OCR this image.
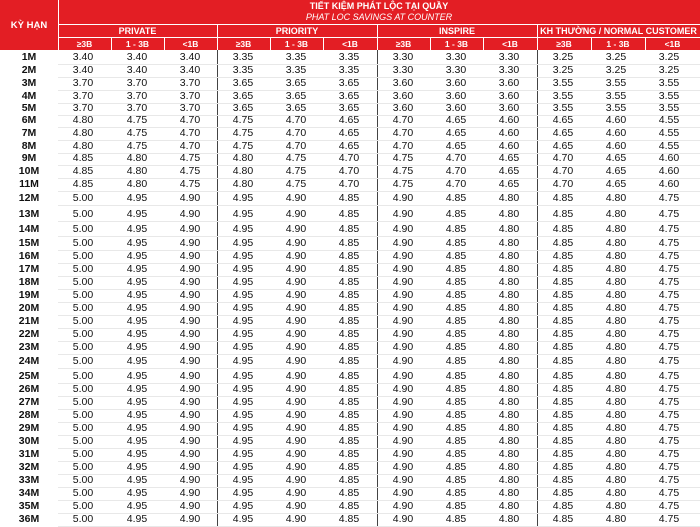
KỲ HẠN
TIẾT KIỆM PHÁT LỘC TẠI QUẦY
PHAT LOC SAVINGS AT COUNTER
PRIVATE	PRIORITY	INSPIRE	KH THƯỜNG / NORMAL CUSTOMER
≥3B	1 - 3B	<1B	≥3B	1 - 3B	<1B	≥3B	1 - 3B	<1B	≥3B	1 - 3B	<1B
1M	3.40	3.40	3.40	3.35	3.35	3.35	3.30	3.30	3.30	3.25	3.25	3.25
2M	3.40	3.40	3.40	3.35	3.35	3.35	3.30	3.30	3.30	3.25	3.25	3.25
3M	3.70	3.70	3.70	3.65	3.65	3.65	3.60	3.60	3.60	3.55	3.55	3.55
4M	3.70	3.70	3.70	3.65	3.65	3.65	3.60	3.60	3.60	3.55	3.55	3.55
5M	3.70	3.70	3.70	3.65	3.65	3.65	3.60	3.60	3.60	3.55	3.55	3.55
6M	4.80	4.75	4.70	4.75	4.70	4.65	4.70	4.65	4.60	4.65	4.60	4.55
7M	4.80	4.75	4.70	4.75	4.70	4.65	4.70	4.65	4.60	4.65	4.60	4.55
8M	4.80	4.75	4.70	4.75	4.70	4.65	4.70	4.65	4.60	4.65	4.60	4.55
9M	4.85	4.80	4.75	4.80	4.75	4.70	4.75	4.70	4.65	4.70	4.65	4.60
10M	4.85	4.80	4.75	4.80	4.75	4.70	4.75	4.70	4.65	4.70	4.65	4.60
11M	4.85	4.80	4.75	4.80	4.75	4.70	4.75	4.70	4.65	4.70	4.65	4.60
12M	5.00	4.95	4.90	4.95	4.90	4.85	4.90	4.85	4.80	4.85	4.80	4.75
13M	5.00	4.95	4.90	4.95	4.90	4.85	4.90	4.85	4.80	4.85	4.80	4.75
14M	5.00	4.95	4.90	4.95	4.90	4.85	4.90	4.85	4.80	4.85	4.80	4.75
15M	5.00	4.95	4.90	4.95	4.90	4.85	4.90	4.85	4.80	4.85	4.80	4.75
16M	5.00	4.95	4.90	4.95	4.90	4.85	4.90	4.85	4.80	4.85	4.80	4.75
17M	5.00	4.95	4.90	4.95	4.90	4.85	4.90	4.85	4.80	4.85	4.80	4.75
18M	5.00	4.95	4.90	4.95	4.90	4.85	4.90	4.85	4.80	4.85	4.80	4.75
19M	5.00	4.95	4.90	4.95	4.90	4.85	4.90	4.85	4.80	4.85	4.80	4.75
20M	5.00	4.95	4.90	4.95	4.90	4.85	4.90	4.85	4.80	4.85	4.80	4.75
21M	5.00	4.95	4.90	4.95	4.90	4.85	4.90	4.85	4.80	4.85	4.80	4.75
22M	5.00	4.95	4.90	4.95	4.90	4.85	4.90	4.85	4.80	4.85	4.80	4.75
23M	5.00	4.95	4.90	4.95	4.90	4.85	4.90	4.85	4.80	4.85	4.80	4.75
24M	5.00	4.95	4.90	4.95	4.90	4.85	4.90	4.85	4.80	4.85	4.80	4.75
25M	5.00	4.95	4.90	4.95	4.90	4.85	4.90	4.85	4.80	4.85	4.80	4.75
26M	5.00	4.95	4.90	4.95	4.90	4.85	4.90	4.85	4.80	4.85	4.80	4.75
27M	5.00	4.95	4.90	4.95	4.90	4.85	4.90	4.85	4.80	4.85	4.80	4.75
28M	5.00	4.95	4.90	4.95	4.90	4.85	4.90	4.85	4.80	4.85	4.80	4.75
29M	5.00	4.95	4.90	4.95	4.90	4.85	4.90	4.85	4.80	4.85	4.80	4.75
30M	5.00	4.95	4.90	4.95	4.90	4.85	4.90	4.85	4.80	4.85	4.80	4.75
31M	5.00	4.95	4.90	4.95	4.90	4.85	4.90	4.85	4.80	4.85	4.80	4.75
32M	5.00	4.95	4.90	4.95	4.90	4.85	4.90	4.85	4.80	4.85	4.80	4.75
33M	5.00	4.95	4.90	4.95	4.90	4.85	4.90	4.85	4.80	4.85	4.80	4.75
34M	5.00	4.95	4.90	4.95	4.90	4.85	4.90	4.85	4.80	4.85	4.80	4.75
35M	5.00	4.95	4.90	4.95	4.90	4.85	4.90	4.85	4.80	4.85	4.80	4.75
36M	5.00	4.95	4.90	4.95	4.90	4.85	4.90	4.85	4.80	4.85	4.80	4.75
